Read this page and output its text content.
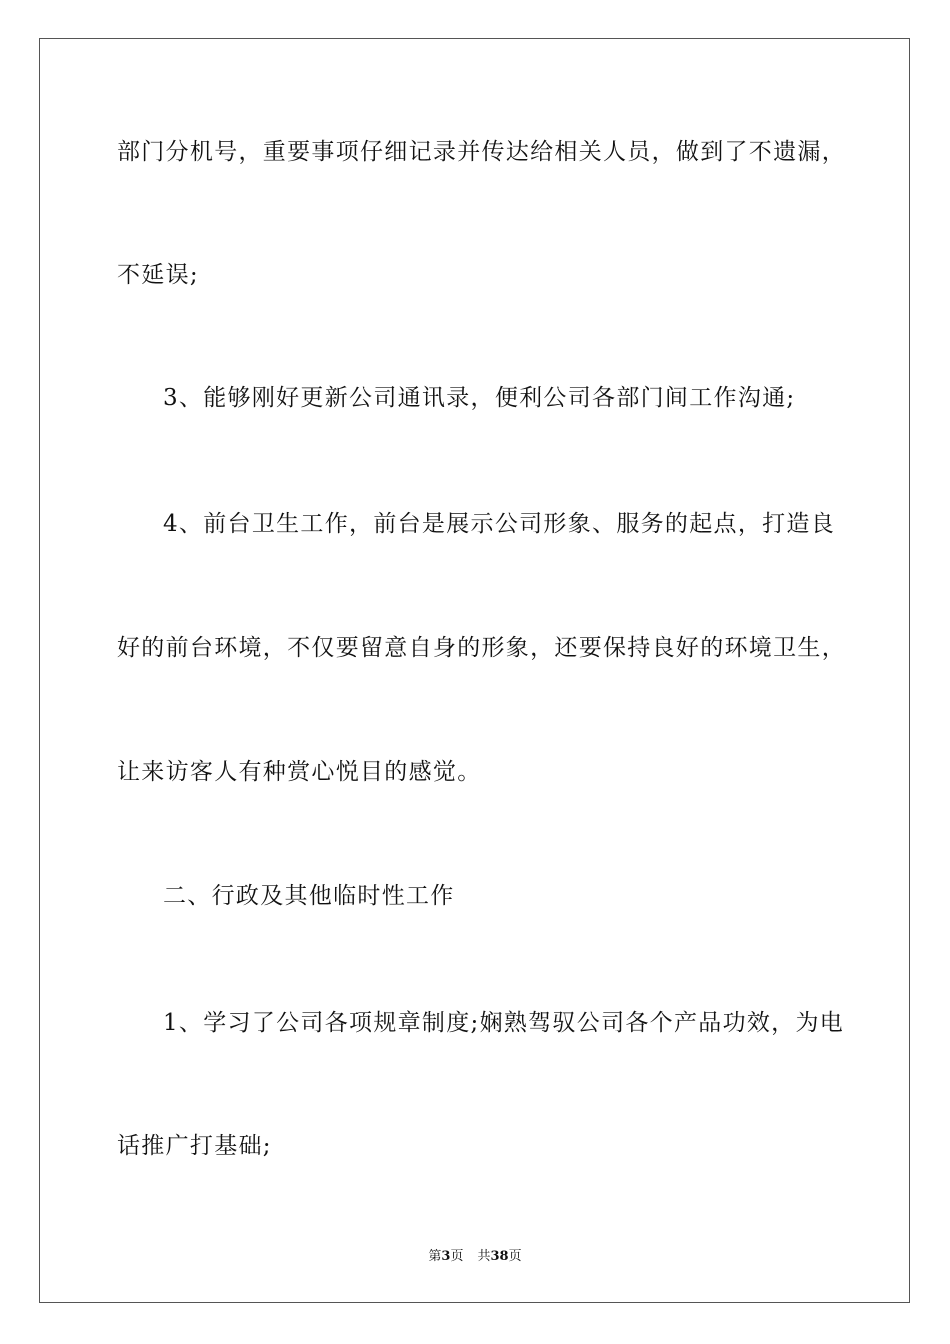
部门分机号，重要事项仔细记录并传达给相关人员，做到了不遗漏，
不延误;
3、能够刚好更新公司通讯录，便利公司各部门间工作沟通;
4、前台卫生工作，前台是展示公司形象、服务的起点，打造良
好的前台环境，不仅要留意自身的形象，还要保持良好的环境卫生，
让来访客人有种赏心悦目的感觉。
二、行政及其他临时性工作
1、学习了公司各项规章制度;娴熟驾驭公司各个产品功效，为电
话推广打基础;
第3页 共38页
